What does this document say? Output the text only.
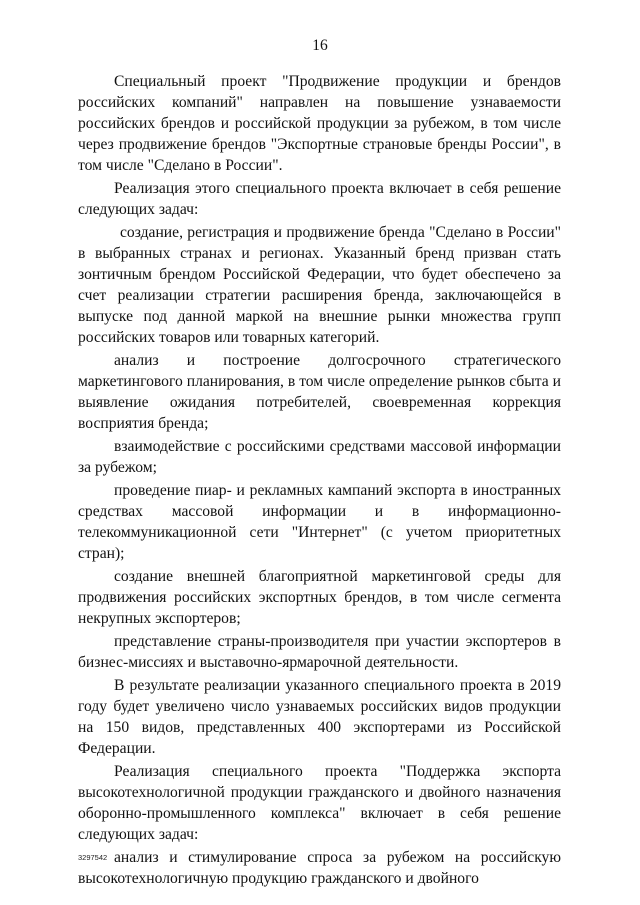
16

Специальный проект "Продвижение продукции и брендов российских компаний" направлен на повышение узнаваемости российских брендов и российской продукции за рубежом, в том числе через продвижение брендов "Экспортные страновые бренды России", в том числе "Сделано в России".

Реализация этого специального проекта включает в себя решение следующих задач:

создание, регистрация и продвижение бренда "Сделано в России" в выбранных странах и регионах. Указанный бренд призван стать зонтичным брендом Российской Федерации, что будет обеспечено за счет реализации стратегии расширения бренда, заключающейся в выпуске под данной маркой на внешние рынки множества групп российских товаров или товарных категорий.

анализ и построение долгосрочного стратегического маркетингового планирования, в том числе определение рынков сбыта и выявление ожидания потребителей, своевременная коррекция восприятия бренда;

взаимодействие с российскими средствами массовой информации за рубежом;

проведение пиар- и рекламных кампаний экспорта в иностранных средствах массовой информации и в информационно-телекоммуникационной сети "Интернет" (с учетом приоритетных стран);

создание внешней благоприятной маркетинговой среды для продвижения российских экспортных брендов, в том числе сегмента некрупных экспортеров;

представление страны-производителя при участии экспортеров в бизнес-миссиях и выставочно-ярмарочной деятельности.

В результате реализации указанного специального проекта в 2019 году будет увеличено число узнаваемых российских видов продукции на 150 видов, представленных 400 экспортерами из Российской Федерации.

Реализация специального проекта "Поддержка экспорта высокотехнологичной продукции гражданского и двойного назначения оборонно-промышленного комплекса" включает в себя решение следующих задач:

анализ и стимулирование спроса за рубежом на российскую высокотехнологичную продукцию гражданского и двойного

3297542
